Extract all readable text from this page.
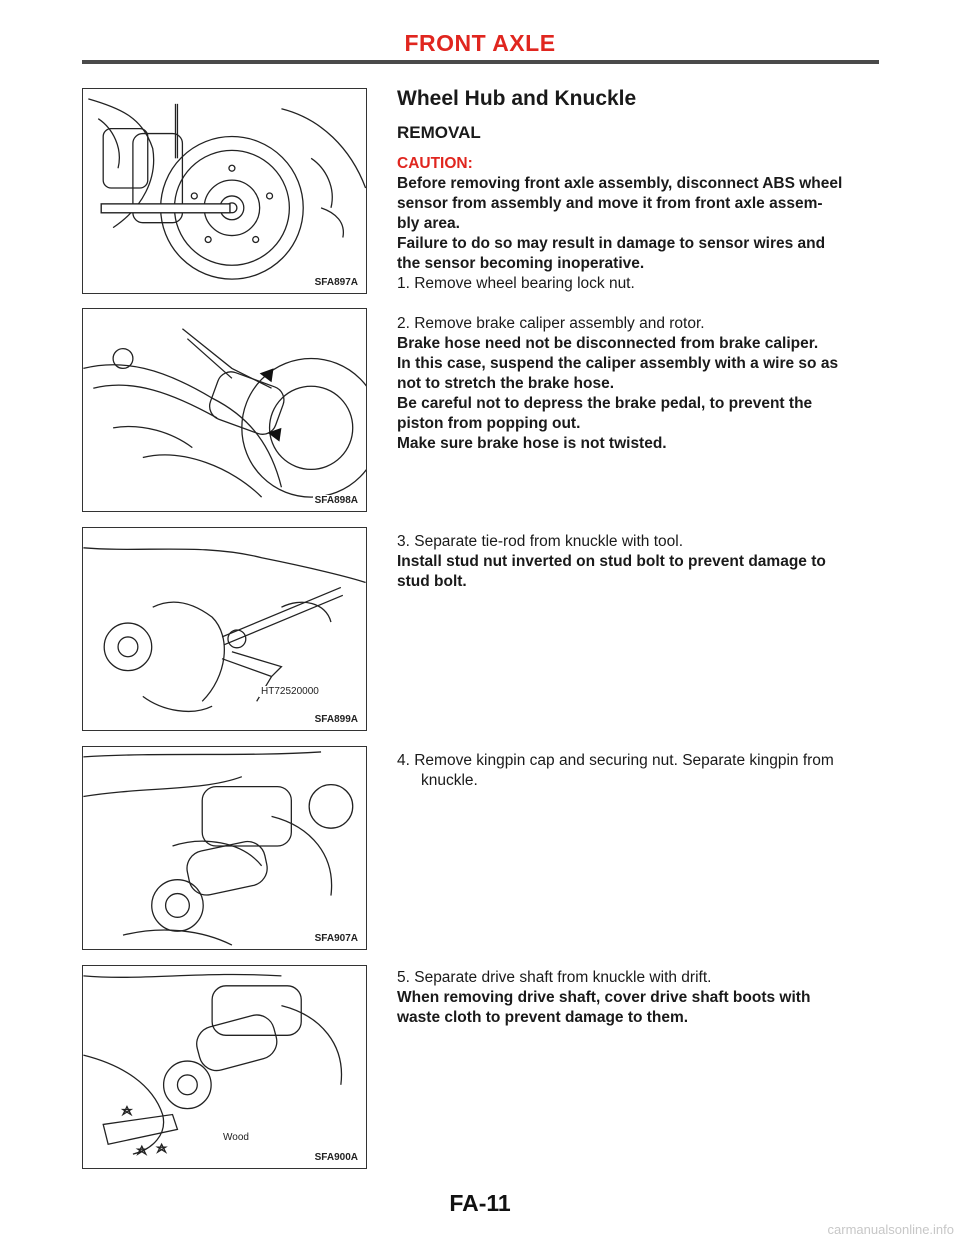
FRONT AXLE
SFA897A
SFA898A
HT72520000
SFA899A
SFA907A
Wood
SFA900A
Wheel Hub and Knuckle
REMOVAL
CAUTION:
Before removing front axle assembly, disconnect ABS wheel
sensor from assembly and move it from front axle assem-
bly area.
Failure to do so may result in damage to sensor wires and
the sensor becoming inoperative.
1. Remove wheel bearing lock nut.
2. Remove brake caliper assembly and rotor.
Brake hose need not be disconnected from brake caliper.
In this case, suspend the caliper assembly with a wire so as
not to stretch the brake hose.
Be careful not to depress the brake pedal, to prevent the
piston from popping out.
Make sure brake hose is not twisted.
3. Separate tie-rod from knuckle with tool.
Install stud nut inverted on stud bolt to prevent damage to
stud bolt.
4. Remove kingpin cap and securing nut. Separate kingpin from knuckle.
5. Separate drive shaft from knuckle with drift.
When removing drive shaft, cover drive shaft boots with
waste cloth to prevent damage to them.
FA-11
carmanualsonline.info
